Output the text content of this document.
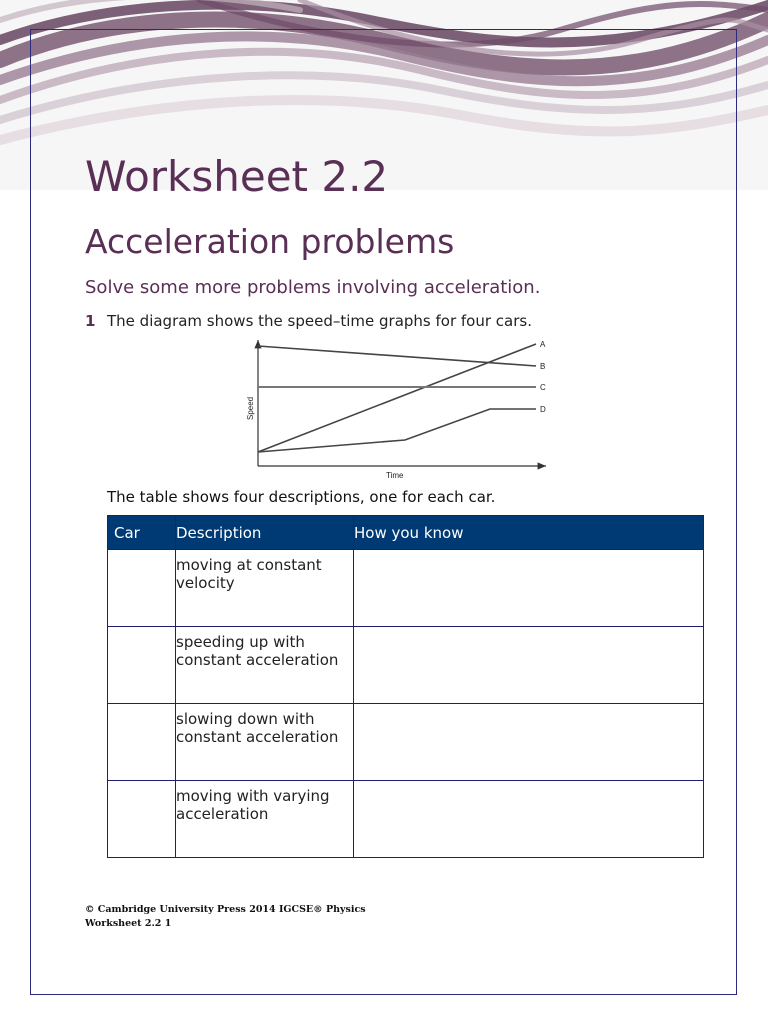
Worksheet 2.2
Acceleration problems

Solve some more problems involving acceleration.

1 The diagram shows the speed–time graphs for four cars.
A
B
C
D
Speed
Time
The table shows four descriptions, one for each car.
Car	Description	How you know
	moving at constant velocity	
	speeding up with constant acceleration	
	slowing down with constant acceleration	
	moving with varying acceleration	
© Cambridge University Press 2014 IGCSE® Physics
Worksheet 2.2 1
